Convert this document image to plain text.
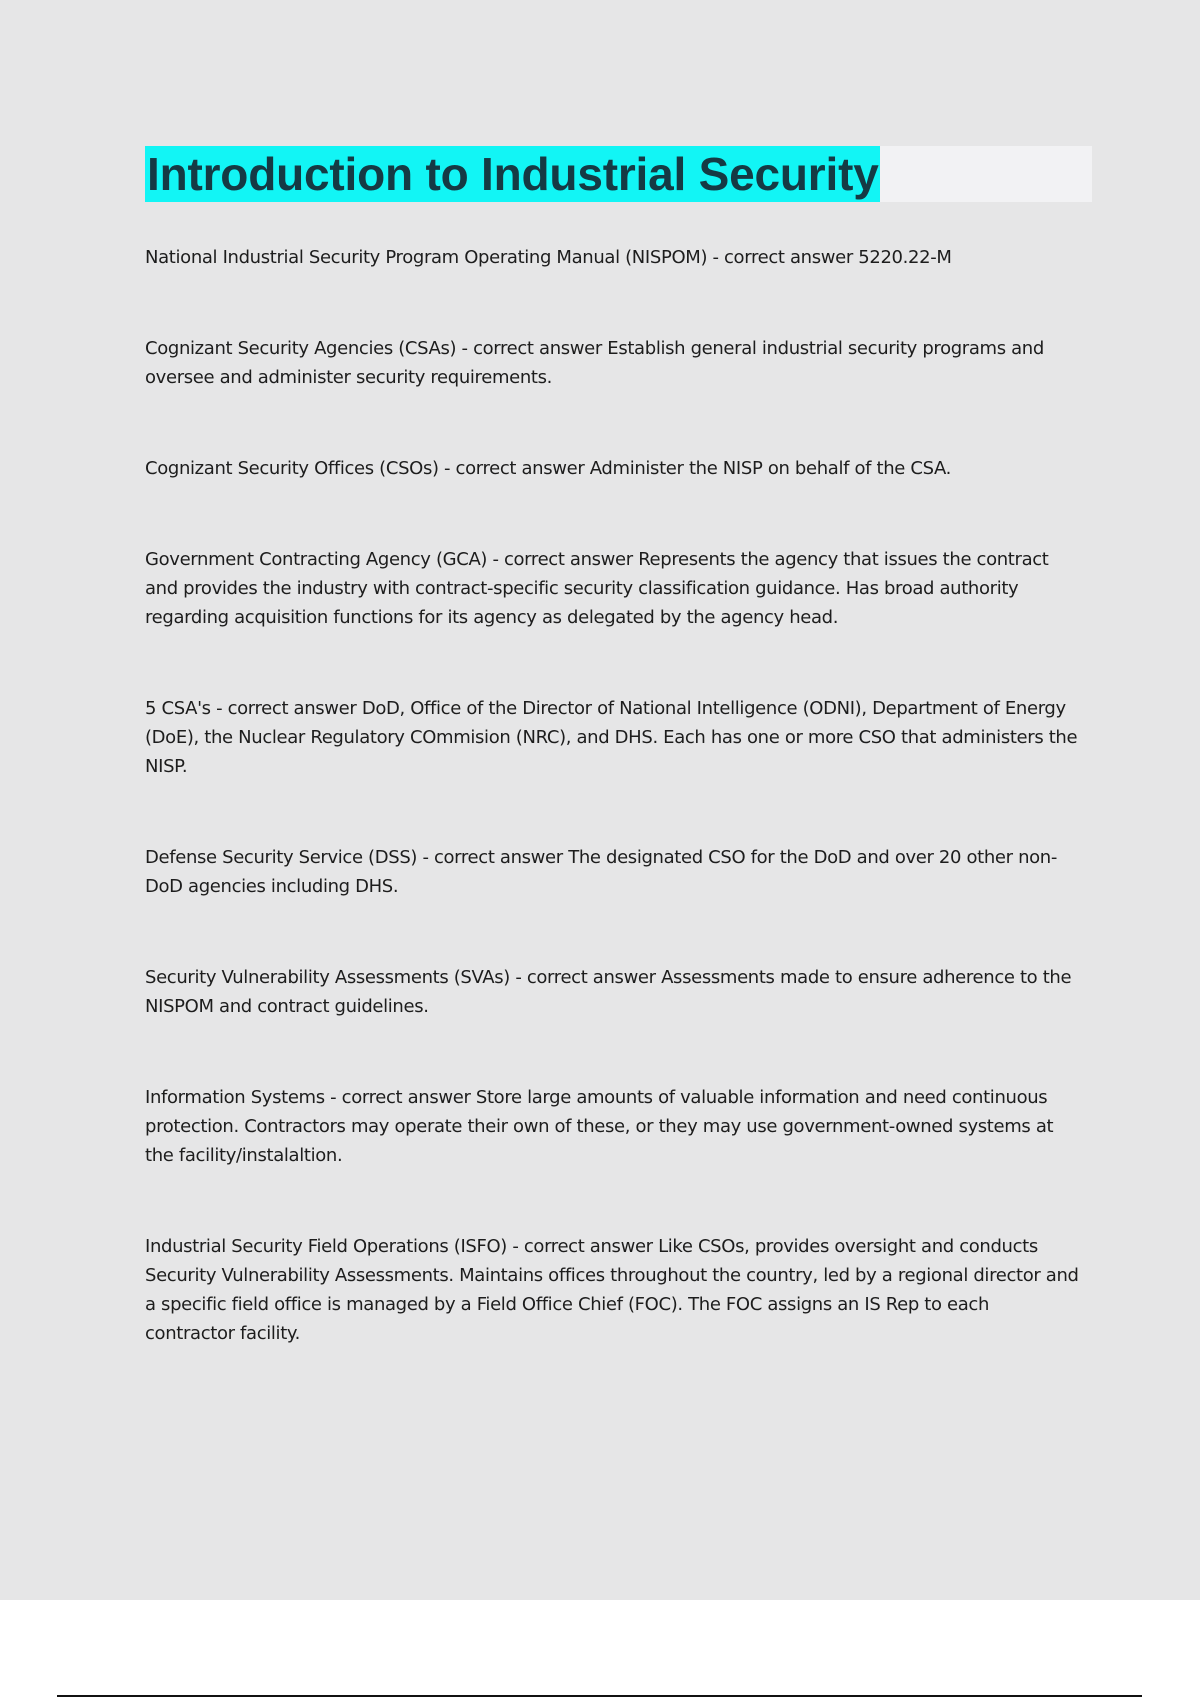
Introduction to Industrial Security
National Industrial Security Program Operating Manual (NISPOM) - correct answer 5220.22-M
Cognizant Security Agencies (CSAs) - correct answer Establish general industrial security programs and oversee and administer security requirements.
Cognizant Security Offices (CSOs) - correct answer Administer the NISP on behalf of the CSA.
Government Contracting Agency (GCA) - correct answer Represents the agency that issues the contract and provides the industry with contract-specific security classification guidance. Has broad authority regarding acquisition functions for its agency as delegated by the agency head.
5 CSA's - correct answer DoD, Office of the Director of National Intelligence (ODNI), Department of Energy (DoE), the Nuclear Regulatory COmmision (NRC), and DHS. Each has one or more CSO that administers the NISP.
Defense Security Service (DSS) - correct answer The designated CSO for the DoD and over 20 other non-DoD agencies including DHS.
Security Vulnerability Assessments (SVAs) - correct answer Assessments made to ensure adherence to the NISPOM and contract guidelines.
Information Systems - correct answer Store large amounts of valuable information and need continuous protection. Contractors may operate their own of these, or they may use government-owned systems at the facility/instalaltion.
Industrial Security Field Operations (ISFO) - correct answer Like CSOs, provides oversight and conducts Security Vulnerability Assessments. Maintains offices throughout the country, led by a regional director and a specific field office is managed by a Field Office Chief (FOC). The FOC assigns an IS Rep to each contractor facility.
